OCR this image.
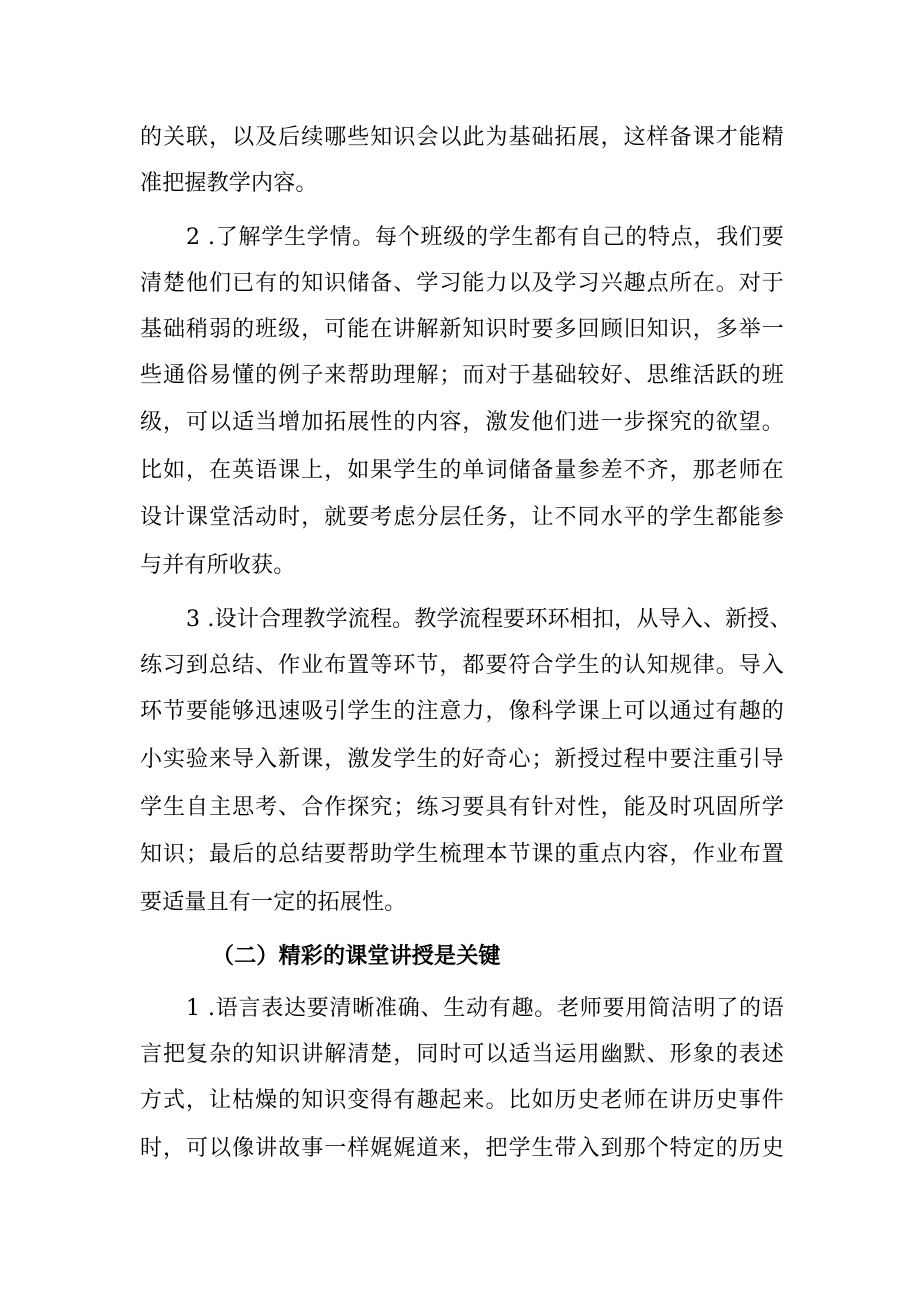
的关联，以及后续哪些知识会以此为基础拓展，这样备课才能精
准把握教学内容。
2 .了解学生学情。每个班级的学生都有自己的特点，我们要
清楚他们已有的知识储备、学习能力以及学习兴趣点所在。对于
基础稍弱的班级，可能在讲解新知识时要多回顾旧知识，多举一
些通俗易懂的例子来帮助理解；而对于基础较好、思维活跃的班
级，可以适当增加拓展性的内容，激发他们进一步探究的欲望。
比如，在英语课上，如果学生的单词储备量参差不齐，那老师在
设计课堂活动时，就要考虑分层任务，让不同水平的学生都能参
与并有所收获。
3 .设计合理教学流程。教学流程要环环相扣，从导入、新授、
练习到总结、作业布置等环节，都要符合学生的认知规律。导入
环节要能够迅速吸引学生的注意力，像科学课上可以通过有趣的
小实验来导入新课，激发学生的好奇心；新授过程中要注重引导
学生自主思考、合作探究；练习要具有针对性，能及时巩固所学
知识；最后的总结要帮助学生梳理本节课的重点内容，作业布置
要适量且有一定的拓展性。
（二）精彩的课堂讲授是关键
1 .语言表达要清晰准确、生动有趣。老师要用简洁明了的语
言把复杂的知识讲解清楚，同时可以适当运用幽默、形象的表述
方式，让枯燥的知识变得有趣起来。比如历史老师在讲历史事件
时，可以像讲故事一样娓娓道来，把学生带入到那个特定的历史
